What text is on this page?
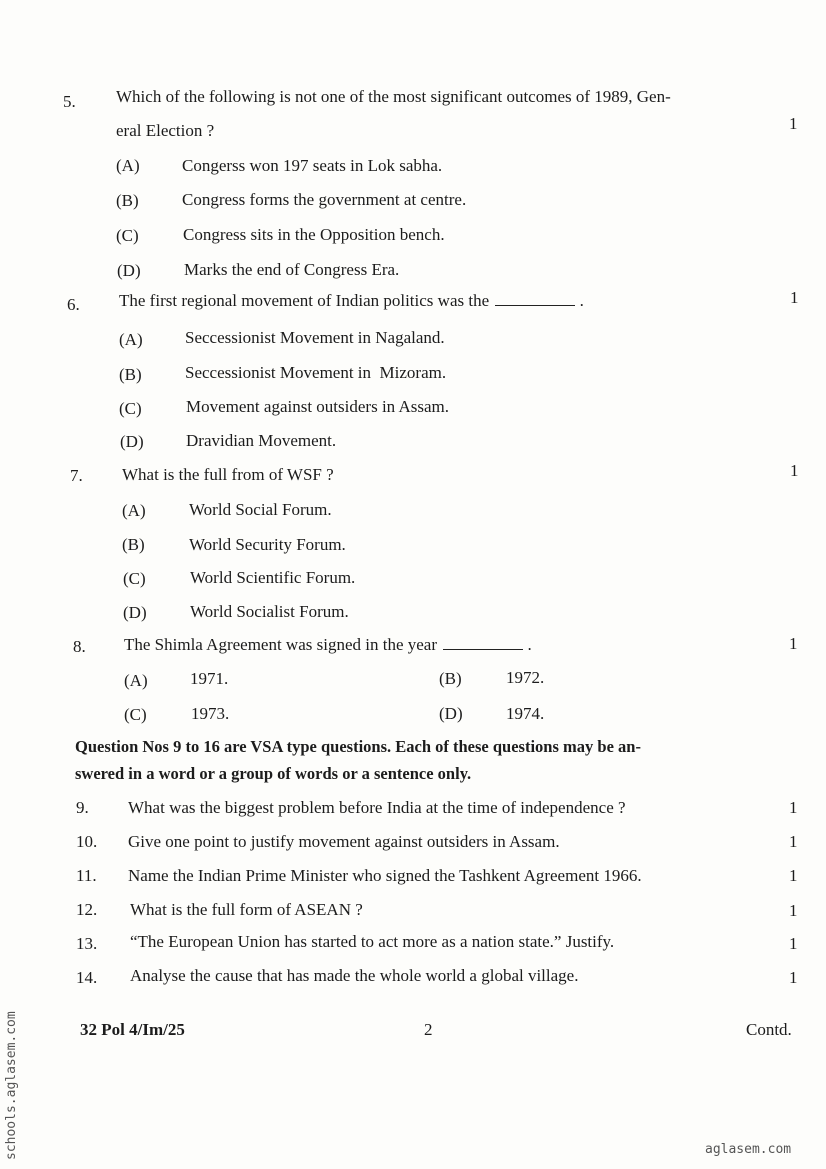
5. Which of the following is not one of the most significant outcomes of 1989, Gen-
eral Election ?	1
(A) Congerss won 197 seats in Lok sabha.
(B)	Congress forms the government at centre.
(C)	Congress sits in the Opposition bench.
(D)	Marks the end of Congress Era.
6. The first regional movement of Indian politics was the	.	1
(A) Seccessionist Movement in Nagaland.
(B)	Seccessionist Movement in  Mizoram.
(C)	Movement against outsiders in Assam.
(D) Dravidian Movement.
7. What is the full from of WSF ?	1
(A)	World Social Forum.
(B)	World Security Forum.
(C)	World Scientific Forum.
(D)	World Socialist Forum.
8. The Shimla Agreement was signed in the year	.	1
(A) 1971.	(B)	1972.
(C)	1973.	(D)	1974.
Question Nos 9 to 16 are VSA type questions. Each of these questions may be an-
swered in a word or a group of words or a sentence only.
9. What was the biggest problem before India at the time of independence ?	1
10. Give one point to justify movement against outsiders in Assam.	1
11. Name the Indian Prime Minister who signed the Tashkent Agreement 1966.	1
12. What is the full form of ASEAN ?	1
13. “The European Union has started to act more as a nation state.” Justify.	1
14. Analyse the cause that has made the whole world a global village.	1
32 Pol 4/Im/25	2	Contd.
schools.aglasem.com	aglasem.com
